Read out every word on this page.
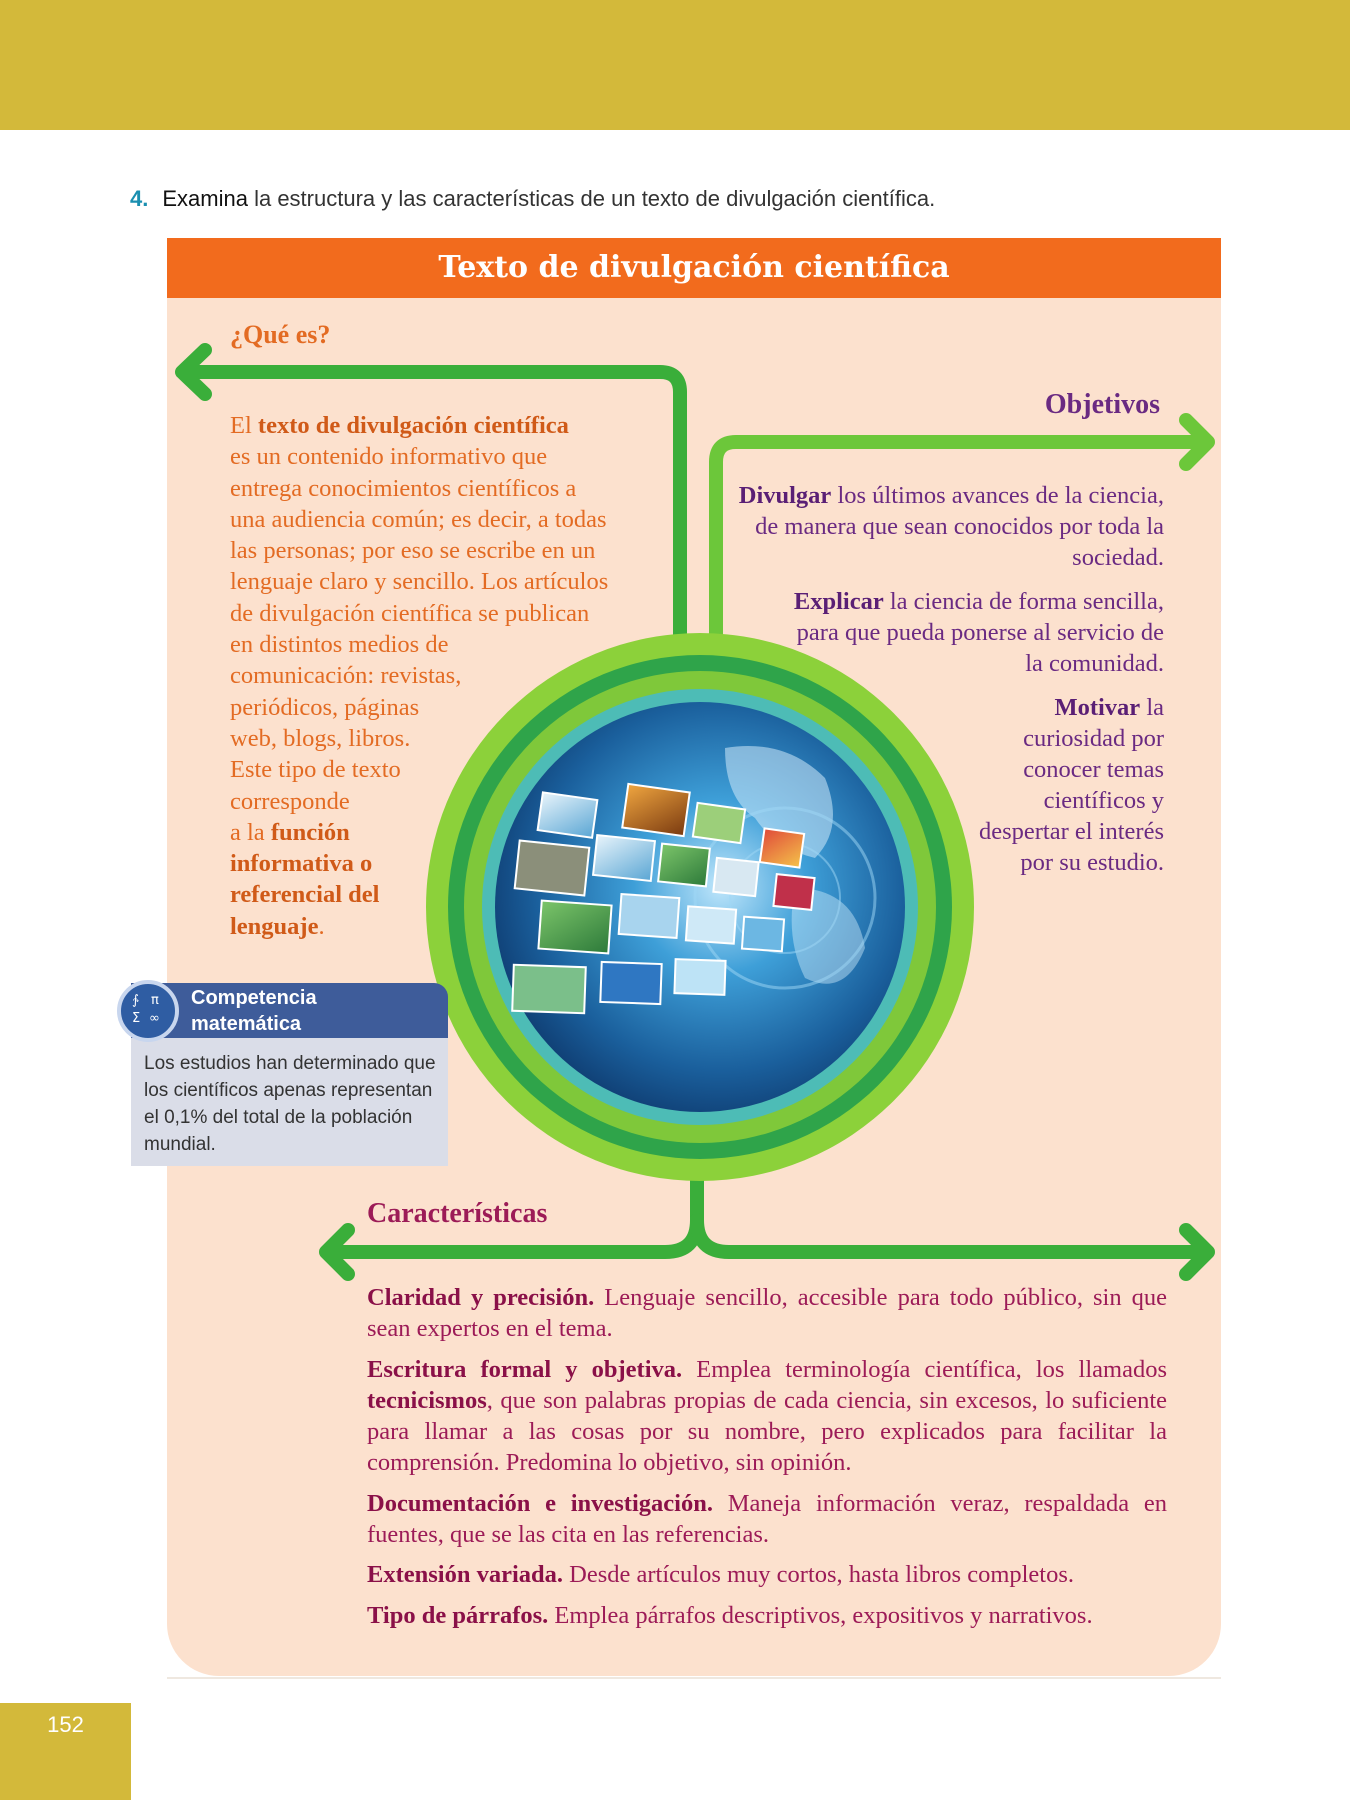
4. Examina la estructura y las características de un texto de divulgación científica.
Texto de divulgación científica
¿Qué es?
El texto de divulgación científica
es un contenido informativo que
entrega conocimientos científicos a
una audiencia común; es decir, a todas
las personas; por eso se escribe en un
lenguaje claro y sencillo. Los artículos
de divulgación científica se publican
en distintos medios de
comunicación: revistas,
periódicos, páginas
web, blogs, libros.
Este tipo de texto
corresponde
a la función
informativa o
referencial del
lenguaje.
Objetivos

Divulgar los últimos avances de la ciencia, de manera que sean conocidos por toda la sociedad.

Explicar la ciencia de forma sencilla, para que pueda ponerse al servicio de la comunidad.

Motivar la curiosidad por conocer temas científicos y despertar el interés por su estudio.

Características

Claridad y precisión. Lenguaje sencillo, accesible para todo público, sin que sean expertos en el tema.

Escritura formal y objetiva. Emplea terminología científica, los llamados tecnicismos, que son palabras propias de cada ciencia, sin excesos, lo suficiente para llamar a las cosas por su nombre, pero explicados para facilitar la comprensión. Predomina lo objetivo, sin opinión.

Documentación e investigación. Maneja información veraz, respaldada en fuentes, que se las cita en las referencias.

Extensión variada. Desde artículos muy cortos, hasta libros completos.

Tipo de párrafos. Emplea párrafos descriptivos, expositivos y narrativos.

∱ π
Σ ∞
Competencia
matemática
Los estudios han determinado que los científicos apenas representan el 0,1% del total de la población mundial.
152
